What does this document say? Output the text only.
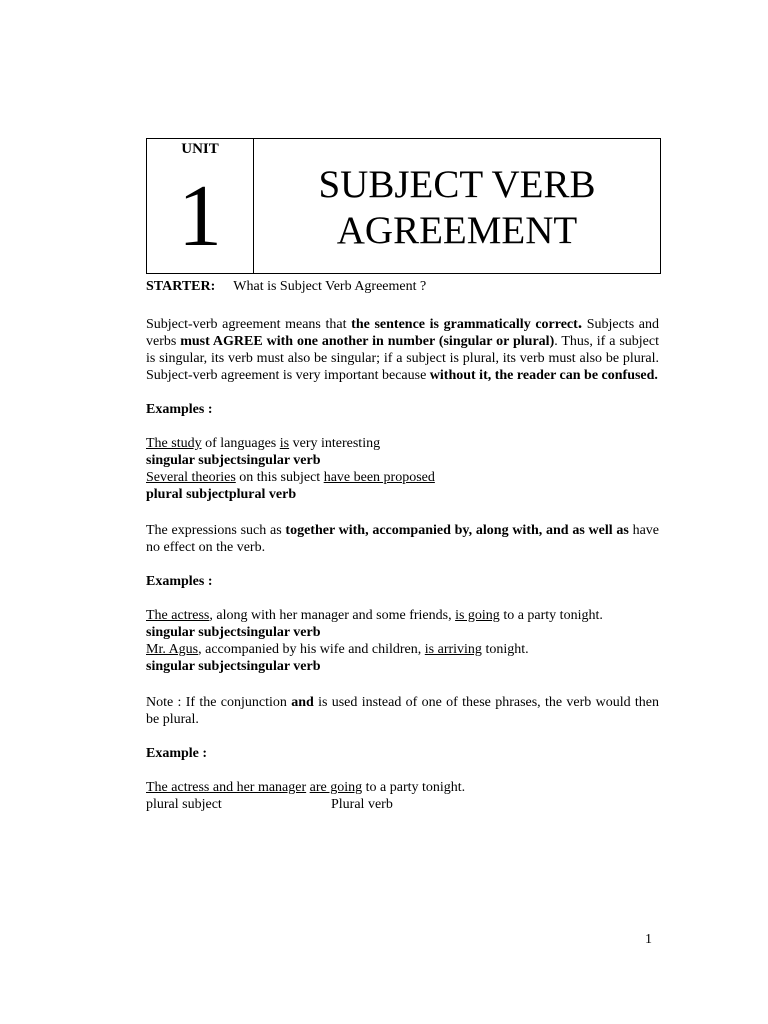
UNIT
1	SUBJECT VERB
AGREEMENT
STARTER: What is Subject Verb Agreement ?

Subject-verb agreement means that the sentence is grammatically correct. Subjects and verbs must AGREE with one another in number (singular or plural). Thus, if a subject is singular, its verb must also be singular; if a subject is plural, its verb must also be plural. Subject-verb agreement is very important because without it, the reader can be confused.

Examples :

The study of languages is very interesting
singular subjectsingular verb
Several theories on this subject have been proposed
plural subjectplural verb

The expressions such as together with, accompanied by, along with, and as well as have no effect on the verb.

Examples :

The actress, along with her manager and some friends, is going to a party tonight.
singular subjectsingular verb
Mr. Agus, accompanied by his wife and children, is arriving tonight.
singular subjectsingular verb

Note : If the conjunction and is used instead of one of these phrases, the verb would then be plural.

Example :

The actress and her manager are going to a party tonight.
plural subject	Plural verb
1
